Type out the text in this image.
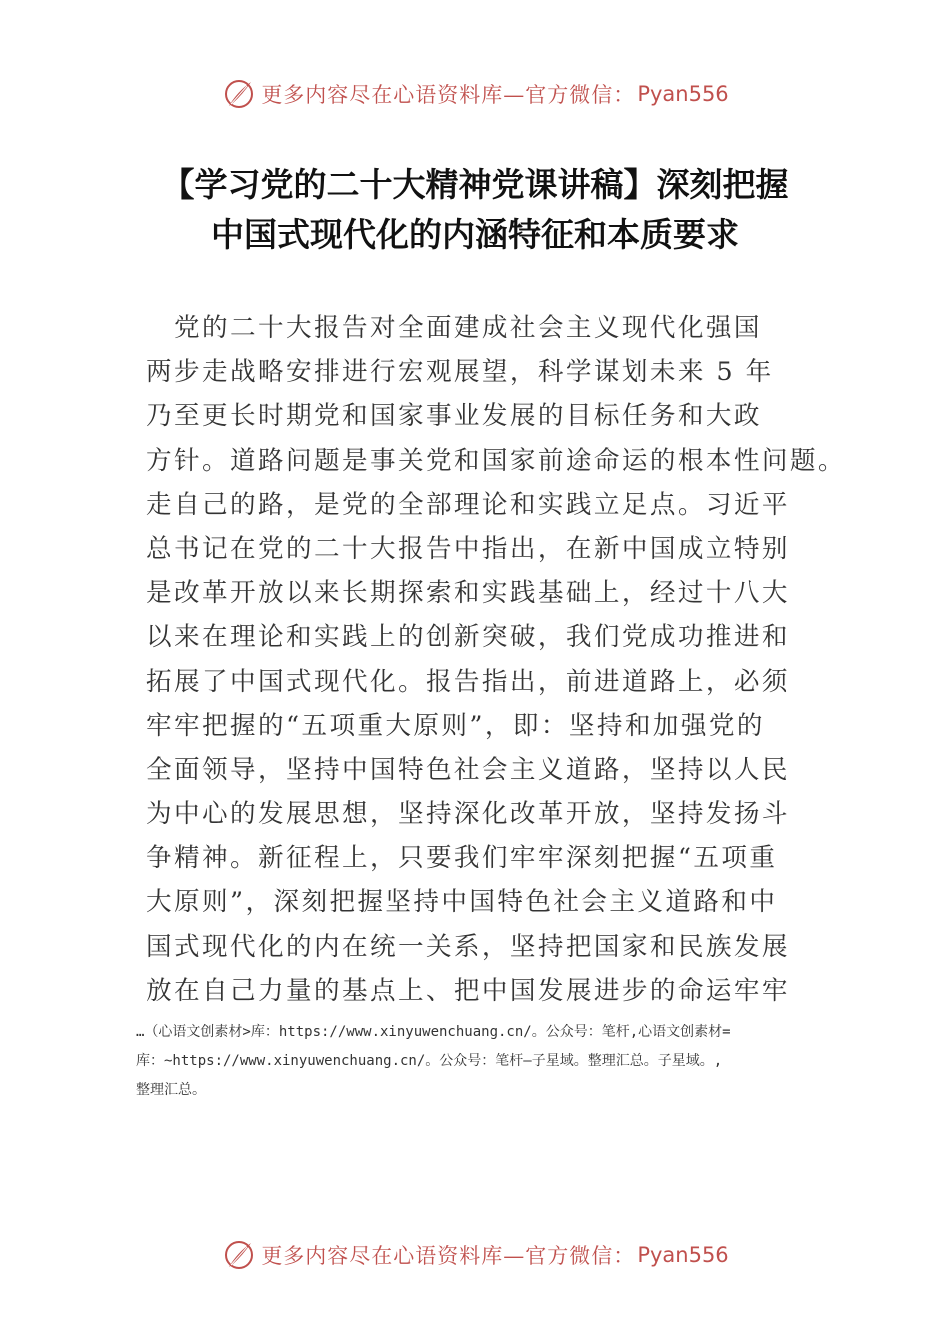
更多内容尽在心语资料库—官方微信： Pyan556
【学习党的二十大精神党课讲稿】深刻把握
中国式现代化的内涵特征和本质要求
　党的二十大报告对全面建成社会主义现代化强国
两步走战略安排进行宏观展望，科学谋划未来 5 年
乃至更长时期党和国家事业发展的目标任务和大政
方针。道路问题是事关党和国家前途命运的根本性问题。
走自己的路，是党的全部理论和实践立足点。习近平
总书记在党的二十大报告中指出，在新中国成立特别
是改革开放以来长期探索和实践基础上，经过十八大
以来在理论和实践上的创新突破，我们党成功推进和
拓展了中国式现代化。报告指出，前进道路上，必须
牢牢把握的“五项重大原则”，即：坚持和加强党的
全面领导，坚持中国特色社会主义道路，坚持以人民
为中心的发展思想，坚持深化改革开放，坚持发扬斗
争精神。新征程上，只要我们牢牢深刻把握“五项重
大原则”，深刻把握坚持中国特色社会主义道路和中
国式现代化的内在统一关系，坚持把国家和民族发展
放在自己力量的基点上、把中国发展进步的命运牢牢
…（心语文创素材>库：https://www.xinyuwenchuang.cn/。公众号：笔杆,心语文创素材=
库：~https://www.xinyuwenchuang.cn/。公众号：笔杆—子星域。整理汇总。子星域。,
整理汇总。
更多内容尽在心语资料库—官方微信： Pyan556
